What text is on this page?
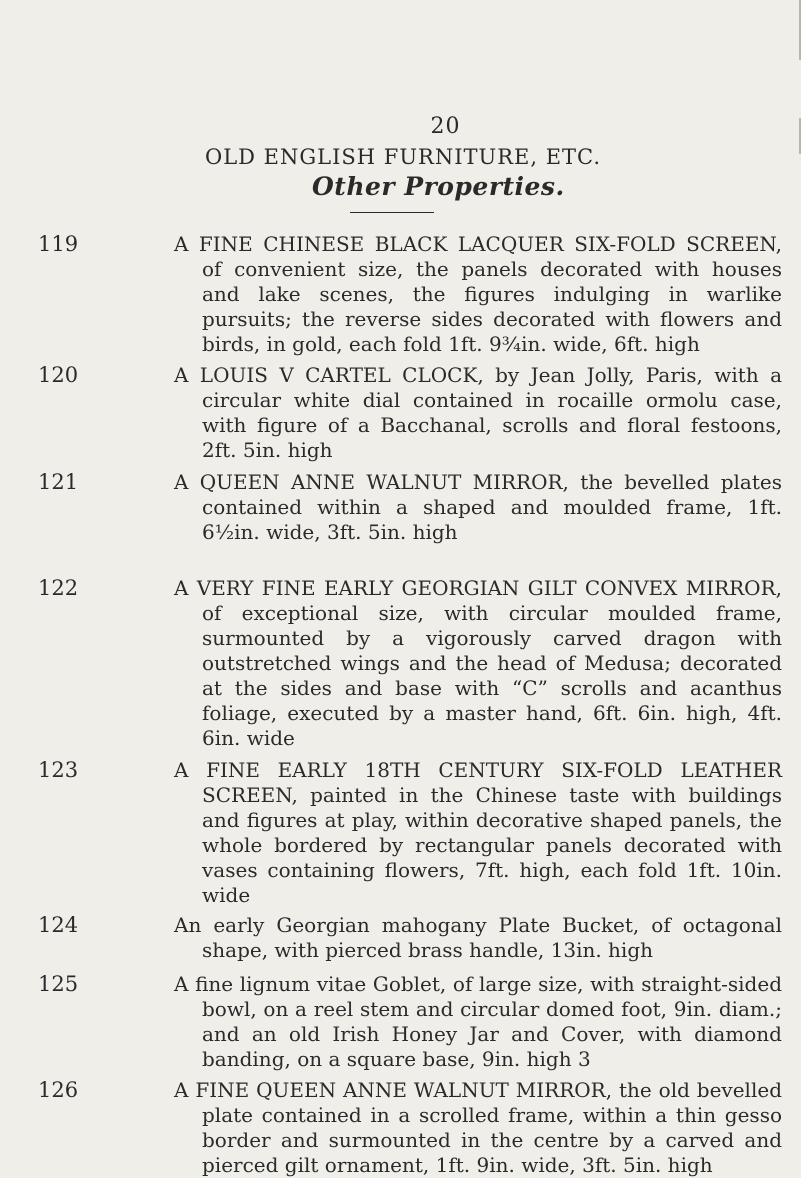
20
OLD ENGLISH FURNITURE, ETC.
Other Properties.
119	A FINE CHINESE BLACK LACQUER SIX-FOLD SCREEN, of convenient size, the panels decorated with houses and lake scenes, the figures indulging in warlike pursuits; the reverse sides decorated with flowers and birds, in gold, each fold 1ft. 9¾in. wide, 6ft. high
120	A LOUIS V CARTEL CLOCK, by Jean Jolly, Paris, with a circular white dial contained in rocaille ormolu case, with figure of a Bacchanal, scrolls and floral festoons, 2ft. 5in. high
121	A QUEEN ANNE WALNUT MIRROR, the bevelled plates contained within a shaped and moulded frame, 1ft. 6½in. wide, 3ft. 5in. high
122	A VERY FINE EARLY GEORGIAN GILT CONVEX MIRROR, of exceptional size, with circular moulded frame, surmounted by a vigorously carved dragon with outstretched wings and the head of Medusa; decorated at the sides and base with “C” scrolls and acanthus foliage, executed by a master hand, 6ft. 6in. high, 4ft. 6in. wide
123	A FINE EARLY 18TH CENTURY SIX-FOLD LEATHER SCREEN, painted in the Chinese taste with buildings and figures at play, within decorative shaped panels, the whole bordered by rectangular panels decorated with vases containing flowers, 7ft. high, each fold 1ft. 10in. wide
124	An early Georgian mahogany Plate Bucket, of octagonal shape, with pierced brass handle, 13in. high
125	A fine lignum vitae Goblet, of large size, with straight-sided bowl, on a reel stem and circular domed foot, 9in. diam.; and an old Irish Honey Jar and Cover, with diamond banding, on a square base, 9in. high 3
126	A FINE QUEEN ANNE WALNUT MIRROR, the old bevelled plate contained in a scrolled frame, within a thin gesso border and surmounted in the centre by a carved and pierced gilt ornament, 1ft. 9in. wide, 3ft. 5in. high
